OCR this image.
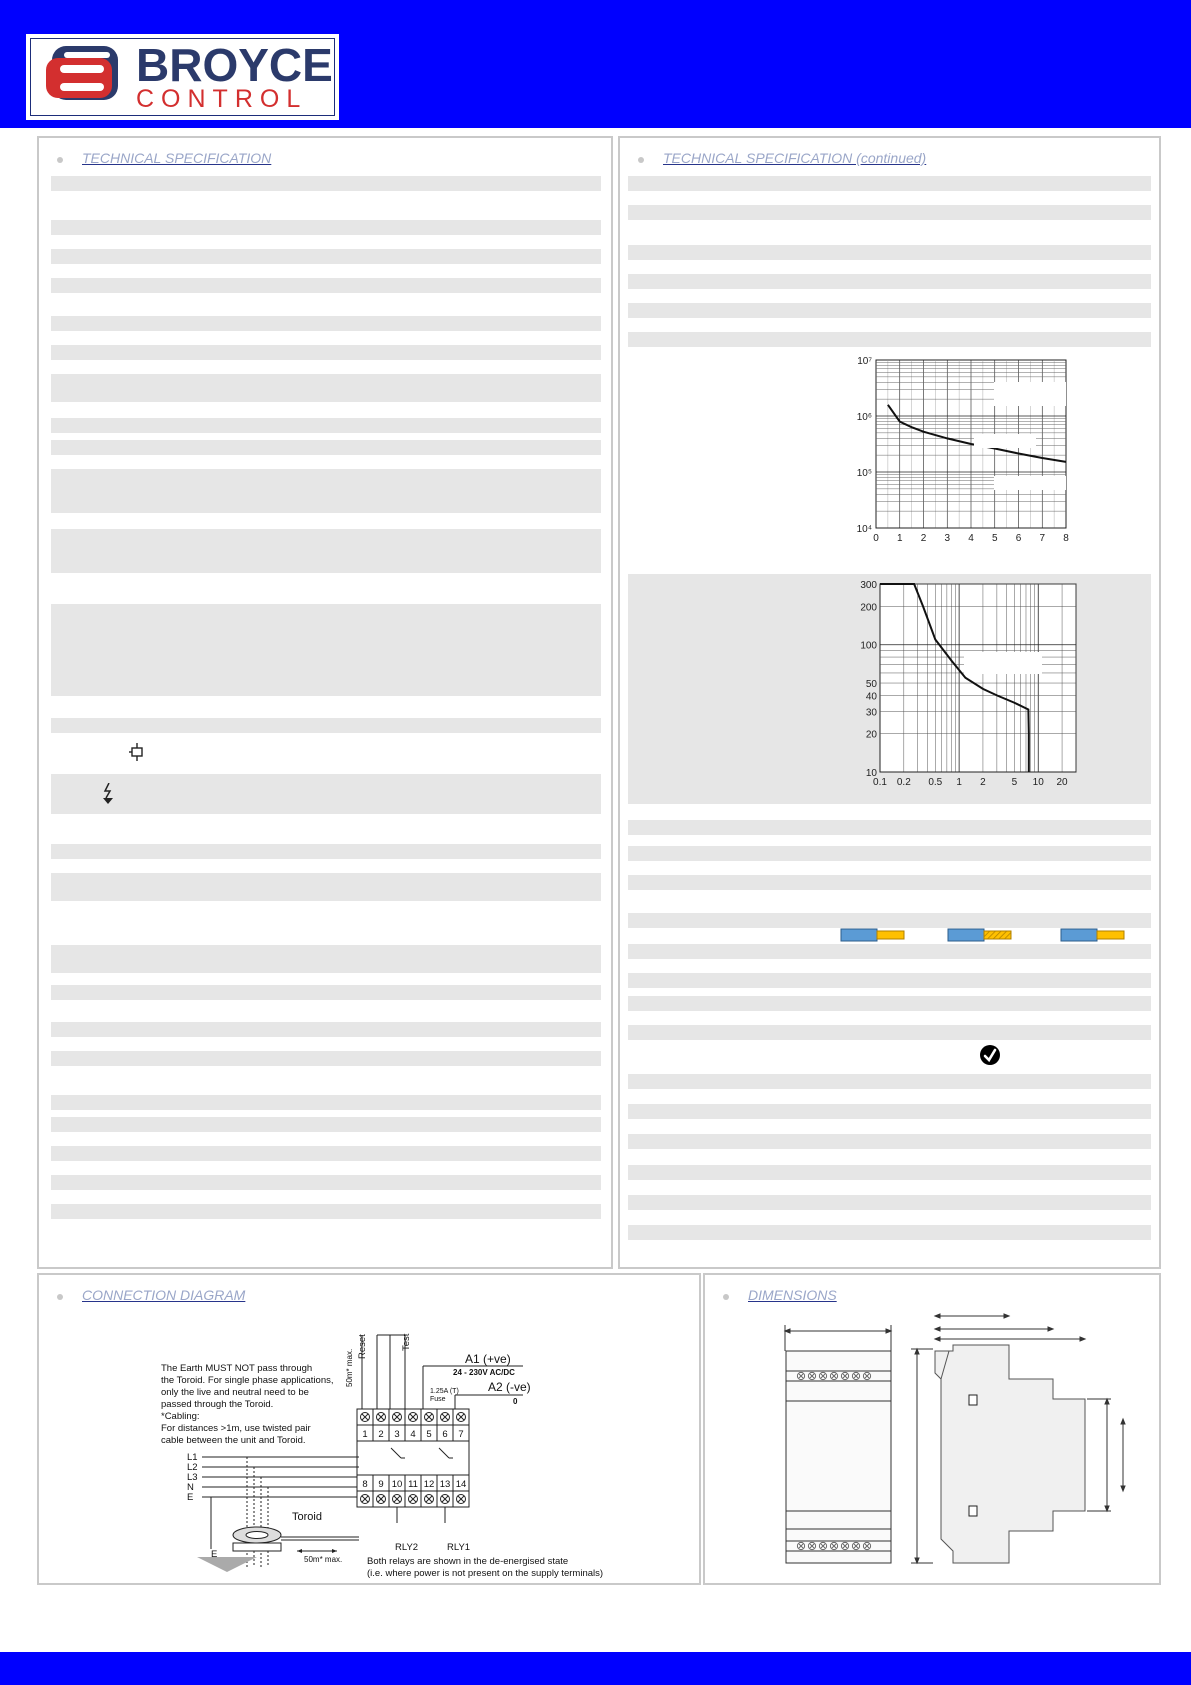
BROYCE
CONTROL
TECHNICAL SPECIFICATION	TECHNICAL SPECIFICATION (continued)
0 1 2 3 4 5 6 7 8
10⁷
10⁶
10⁵
10⁴
0.1 0.2 0.5 1 2	5 10 20
300
200
100
50
40
30
20
10
CONNECTION DIAGRAM
The Earth MUST NOT pass through
the Toroid. For single phase applications,
only the live and neutral need to be
passed through the Toroid.
*Cabling:
For distances >1m, use twisted pair
cable between the unit and Toroid.
L1
L2
L3
N
E
Toroid
E	50m* max.
Reset	Test
50m* max.	A1 (+ve)
24 - 230V AC/DC
1.25A (T)
Fuse
A2 (-ve)
0
1 2 3 4 5 6 7
8 9 10 11 12 13 14
RLY2	RLY1
Both relays are shown in the de-energised state
(i.e. where power is not present on the supply terminals)
DIMENSIONS
